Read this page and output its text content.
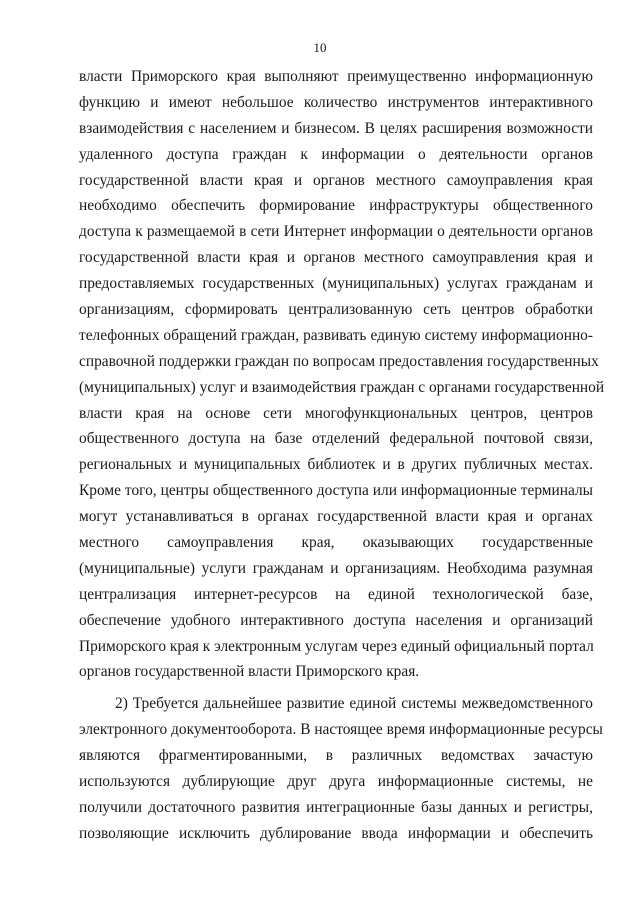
10
власти Приморского края выполняют преимущественно информационную
функцию и имеют небольшое количество инструментов интерактивного
взаимодействия с населением и бизнесом. В целях расширения возможности
удаленного доступа граждан к информации о деятельности органов
государственной власти края и органов местного самоуправления края
необходимо обеспечить формирование инфраструктуры общественного
доступа к размещаемой в сети Интернет информации о деятельности органов
государственной власти края и органов местного самоуправления края и
предоставляемых государственных (муниципальных) услугах гражданам и
организациям, сформировать централизованную сеть центров обработки
телефонных обращений граждан, развивать единую систему информационно-
справочной поддержки граждан по вопросам предоставления государственных
(муниципальных) услуг и взаимодействия граждан с органами государственной
власти края на основе сети многофункциональных центров, центров
общественного доступа на базе отделений федеральной почтовой связи,
региональных и муниципальных библиотек и в других публичных местах.
Кроме того, центры общественного доступа или информационные терминалы
могут устанавливаться в органах государственной власти края и органах
местного самоуправления края, оказывающих государственные
(муниципальные) услуги гражданам и организациям. Необходима разумная
централизация интернет-ресурсов на единой технологической базе,
обеспечение удобного интерактивного доступа населения и организаций
Приморского края к электронным услугам через единый официальный портал
органов государственной власти Приморского края.
2) Требуется дальнейшее развитие единой системы межведомственного
электронного документооборота. В настоящее время информационные ресурсы
являются фрагментированными, в различных ведомствах зачастую
используются дублирующие друг друга информационные системы, не
получили достаточного развития интеграционные базы данных и регистры,
позволяющие исключить дублирование ввода информации и обеспечить
